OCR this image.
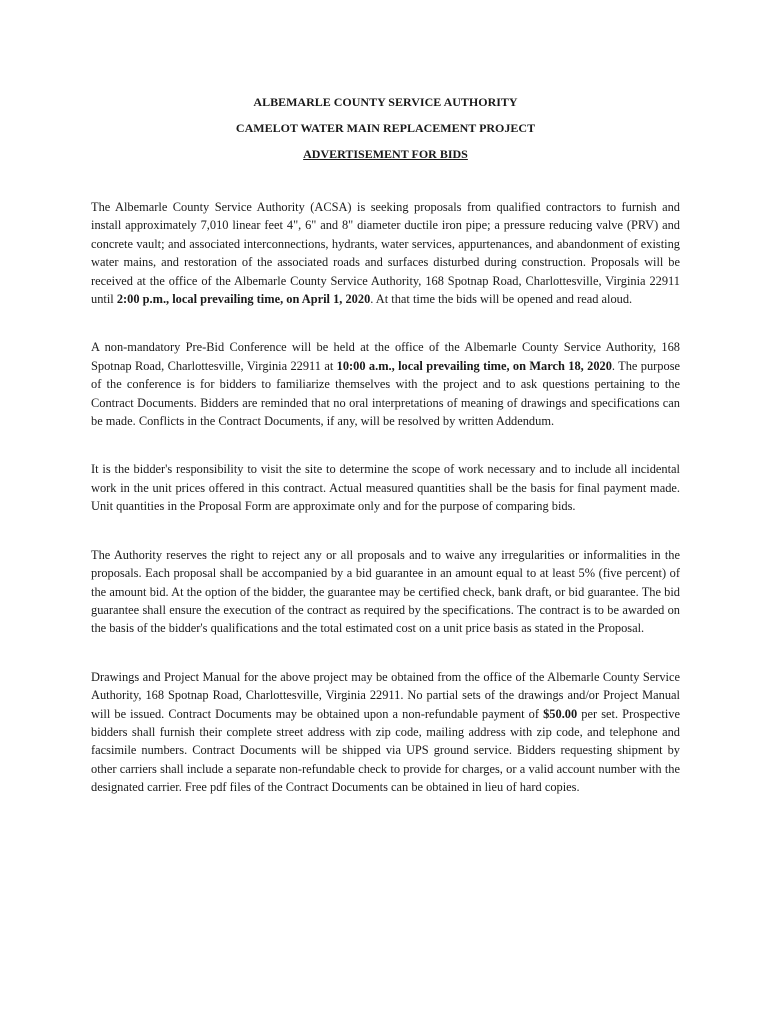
ALBEMARLE COUNTY SERVICE AUTHORITY

CAMELOT WATER MAIN REPLACEMENT PROJECT

ADVERTISEMENT FOR BIDS

The Albemarle County Service Authority (ACSA) is seeking proposals from qualified contractors to furnish and install approximately 7,010 linear feet 4", 6" and 8" diameter ductile iron pipe; a pressure reducing valve (PRV) and concrete vault; and associated interconnections, hydrants, water services, appurtenances, and abandonment of existing water mains, and restoration of the associated roads and surfaces disturbed during construction. Proposals will be received at the office of the Albemarle County Service Authority, 168 Spotnap Road, Charlottesville, Virginia 22911 until 2:00 p.m., local prevailing time, on April 1, 2020. At that time the bids will be opened and read aloud.

A non-mandatory Pre-Bid Conference will be held at the office of the Albemarle County Service Authority, 168 Spotnap Road, Charlottesville, Virginia 22911 at 10:00 a.m., local prevailing time, on March 18, 2020. The purpose of the conference is for bidders to familiarize themselves with the project and to ask questions pertaining to the Contract Documents. Bidders are reminded that no oral interpretations of meaning of drawings and specifications can be made. Conflicts in the Contract Documents, if any, will be resolved by written Addendum.

It is the bidder's responsibility to visit the site to determine the scope of work necessary and to include all incidental work in the unit prices offered in this contract. Actual measured quantities shall be the basis for final payment made. Unit quantities in the Proposal Form are approximate only and for the purpose of comparing bids.

The Authority reserves the right to reject any or all proposals and to waive any irregularities or informalities in the proposals. Each proposal shall be accompanied by a bid guarantee in an amount equal to at least 5% (five percent) of the amount bid. At the option of the bidder, the guarantee may be certified check, bank draft, or bid guarantee. The bid guarantee shall ensure the execution of the contract as required by the specifications. The contract is to be awarded on the basis of the bidder's qualifications and the total estimated cost on a unit price basis as stated in the Proposal.

Drawings and Project Manual for the above project may be obtained from the office of the Albemarle County Service Authority, 168 Spotnap Road, Charlottesville, Virginia 22911. No partial sets of the drawings and/or Project Manual will be issued. Contract Documents may be obtained upon a non-refundable payment of $50.00 per set. Prospective bidders shall furnish their complete street address with zip code, mailing address with zip code, and telephone and facsimile numbers. Contract Documents will be shipped via UPS ground service. Bidders requesting shipment by other carriers shall include a separate non-refundable check to provide for charges, or a valid account number with the designated carrier. Free pdf files of the Contract Documents can be obtained in lieu of hard copies.
